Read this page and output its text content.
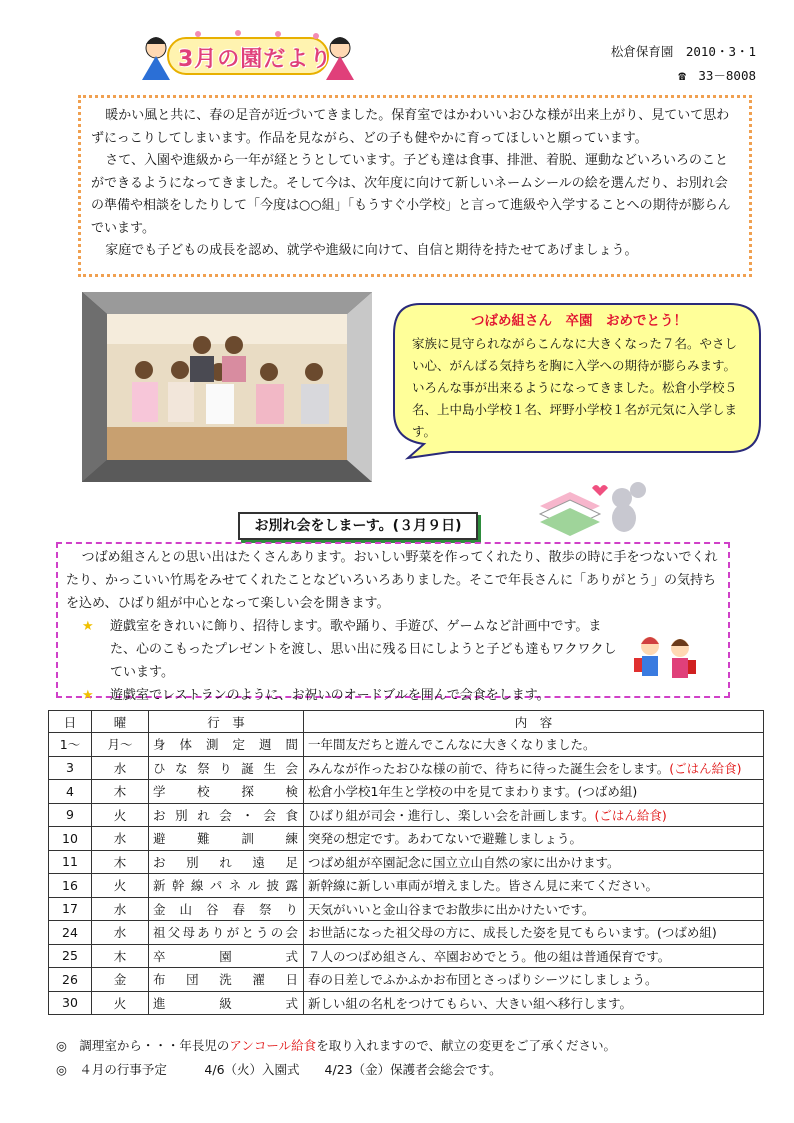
3月の園だより	松倉保育園　2010・3・1
☎　33－8008

暖かい風と共に、春の足音が近づいてきました。保育室ではかわいいおひな様が出来上がり、見ていて思わずにっこりしてしまいます。作品を見ながら、どの子も健やかに育ってほしいと願っています。

さて、入園や進級から一年が経とうとしています。子ども達は食事、排泄、着脱、運動などいろいろのことができるようになってきました。そして今は、次年度に向けて新しいネームシールの絵を選んだり、お別れ会の準備や相談をしたりして「今度は○○組」「もうすぐ小学校」と言って進級や入学することへの期待が膨らんでいます。

家庭でも子どもの成長を認め、就学や進級に向けて、自信と期待を持たせてあげましょう。

つばめ組さん　卒園　おめでとう！
家族に見守られながらこんなに大きくなった７名。やさしい心、がんばる気持ちを胸に入学への期待が膨らみます。いろんな事が出来るようになってきました。松倉小学校５名、上中島小学校１名、坪野小学校１名が元気に入学します。
お別れ会をしまーす。(３月９日)

つばめ組さんとの思い出はたくさんあります。おいしい野菜を作ってくれたり、散歩の時に手をつないでくれたり、かっこいい竹馬をみせてくれたことなどいろいろありました。そこで年長さんに「ありがとう」の気持ちを込め、ひばり組が中心となって楽しい会を開きます。

★	遊戯室をきれいに飾り、招待します。歌や踊り、手遊び、ゲームなど計画中です。また、心のこもったプレゼントを渡し、思い出に残る日にしようと子ども達もワクワクしています。
★	遊戯室でレストランのように、お祝いのオードブルを囲んで会食をします。
日	曜	行　事	内　容
1～	月～	身体測定週間	一年間友だちと遊んでこんなに大きくなりました。
3	水	ひな祭り誕生会	みんなが作ったおひな様の前で、待ちに待った誕生会をします。(ごはん給食)
4	木	学校探検	松倉小学校1年生と学校の中を見てまわります。(つばめ組)
9	火	お別れ会・会食	ひばり組が司会・進行し、楽しい会を計画します。(ごはん給食)
10	水	避難訓練	突発の想定です。あわてないで避難しましょう。
11	木	お別れ遠足	つばめ組が卒園記念に国立立山自然の家に出かけます。
16	火	新幹線パネル披露	新幹線に新しい車両が増えました。皆さん見に来てください。
17	水	金山谷春祭り	天気がいいと金山谷までお散歩に出かけたいです。
24	水	祖父母ありがとうの会	お世話になった祖父母の方に、成長した姿を見てもらいます。(つばめ組)
25	木	卒園式	７人のつばめ組さん、卒園おめでとう。他の組は普通保育です。
26	金	布団洗濯日	春の日差しでふかふかお布団とさっぱりシーツにしましょう。
30	火	進級式	新しい組の名札をつけてもらい、大きい組へ移行します。
◎　調理室から・・・年長児のアンコール給食を取り入れますので、献立の変更をご了承ください。
◎　４月の行事予定　　　4/6（火）入園式　　4/23（金）保護者会総会です。
